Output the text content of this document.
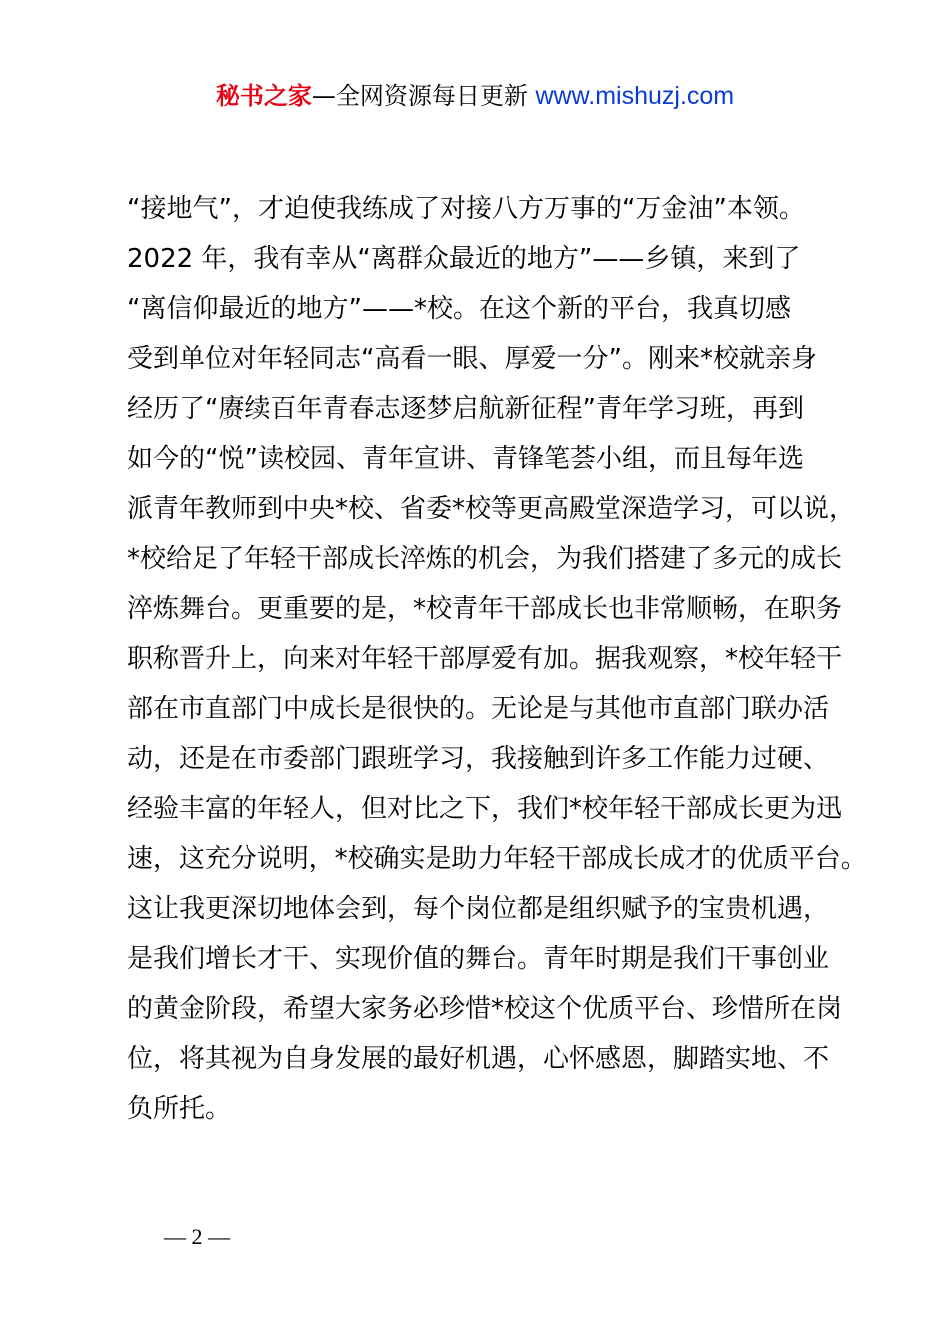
秘书之家—全网资源每日更新 www.mishuzj.com
“接地气”，才迫使我练成了对接八方万事的“万金油”本领。
2022 年，我有幸从“离群众最近的地方”——乡镇，来到了
“离信仰最近的地方”——*校。在这个新的平台，我真切感
受到单位对年轻同志“高看一眼、厚爱一分”。刚来*校就亲身
经历了“赓续百年青春志逐梦启航新征程”青年学习班，再到
如今的“悦”读校园、青年宣讲、青锋笔荟小组，而且每年选
派青年教师到中央*校、省委*校等更高殿堂深造学习，可以说，
*校给足了年轻干部成长淬炼的机会，为我们搭建了多元的成长
淬炼舞台。更重要的是，*校青年干部成长也非常顺畅，在职务
职称晋升上，向来对年轻干部厚爱有加。据我观察，*校年轻干
部在市直部门中成长是很快的。无论是与其他市直部门联办活
动，还是在市委部门跟班学习，我接触到许多工作能力过硬、
经验丰富的年轻人，但对比之下，我们*校年轻干部成长更为迅
速，这充分说明，*校确实是助力年轻干部成长成才的优质平台。
这让我更深切地体会到，每个岗位都是组织赋予的宝贵机遇，
是我们增长才干、实现价值的舞台。青年时期是我们干事创业
的黄金阶段，希望大家务必珍惜*校这个优质平台、珍惜所在岗
位，将其视为自身发展的最好机遇，心怀感恩，脚踏实地、不
负所托。
— 2 —
